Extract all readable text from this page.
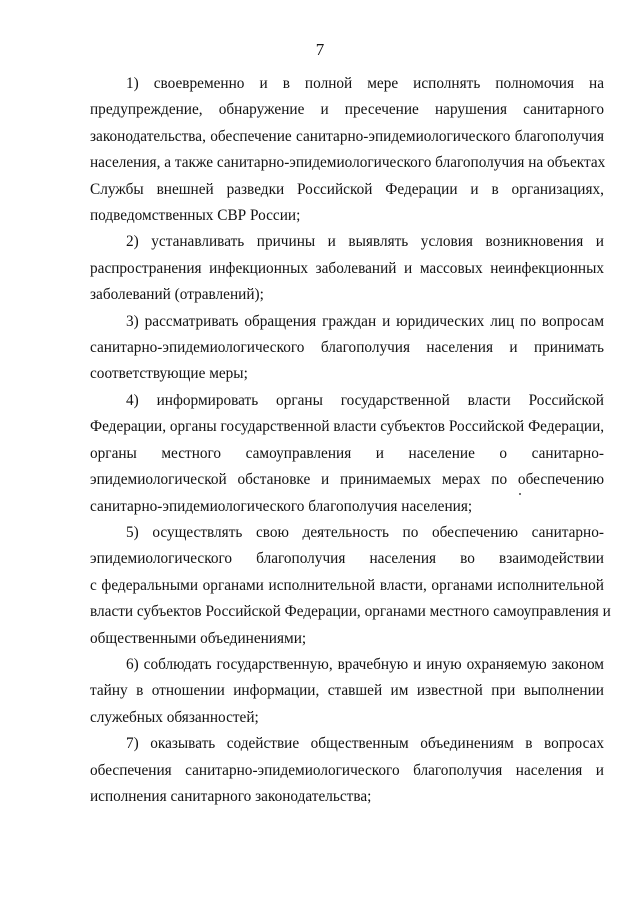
7

1) своевременно и в полной мере исполнять полномочия на
предупреждение, обнаружение и пресечение нарушения санитарного
законодательства, обеспечение санитарно-эпидемиологического благополучия
населения, а также санитарно-эпидемиологического благополучия на объектах
Службы внешней разведки Российской Федерации и в организациях,
подведомственных СВР России;

2) устанавливать причины и выявлять условия возникновения и
распространения инфекционных заболеваний и массовых неинфекционных
заболеваний (отравлений);

3) рассматривать обращения граждан и юридических лиц по вопросам
санитарно-эпидемиологического благополучия населения и принимать
соответствующие меры;

4) информировать органы государственной власти Российской
Федерации, органы государственной власти субъектов Российской Федерации,
органы местного самоуправления и население о санитарно-
эпидемиологической обстановке и принимаемых мерах по обеспечению
санитарно-эпидемиологического благополучия населения;

5) осуществлять свою деятельность по обеспечению санитарно-
эпидемиологического благополучия населения во взаимодействии
с федеральными органами исполнительной власти, органами исполнительной
власти субъектов Российской Федерации, органами местного самоуправления и
общественными объединениями;

6) соблюдать государственную, врачебную и иную охраняемую законом
тайну в отношении информации, ставшей им известной при выполнении
служебных обязанностей;

7) оказывать содействие общественным объединениям в вопросах
обеспечения санитарно-эпидемиологического благополучия населения и
исполнения санитарного законодательства;
